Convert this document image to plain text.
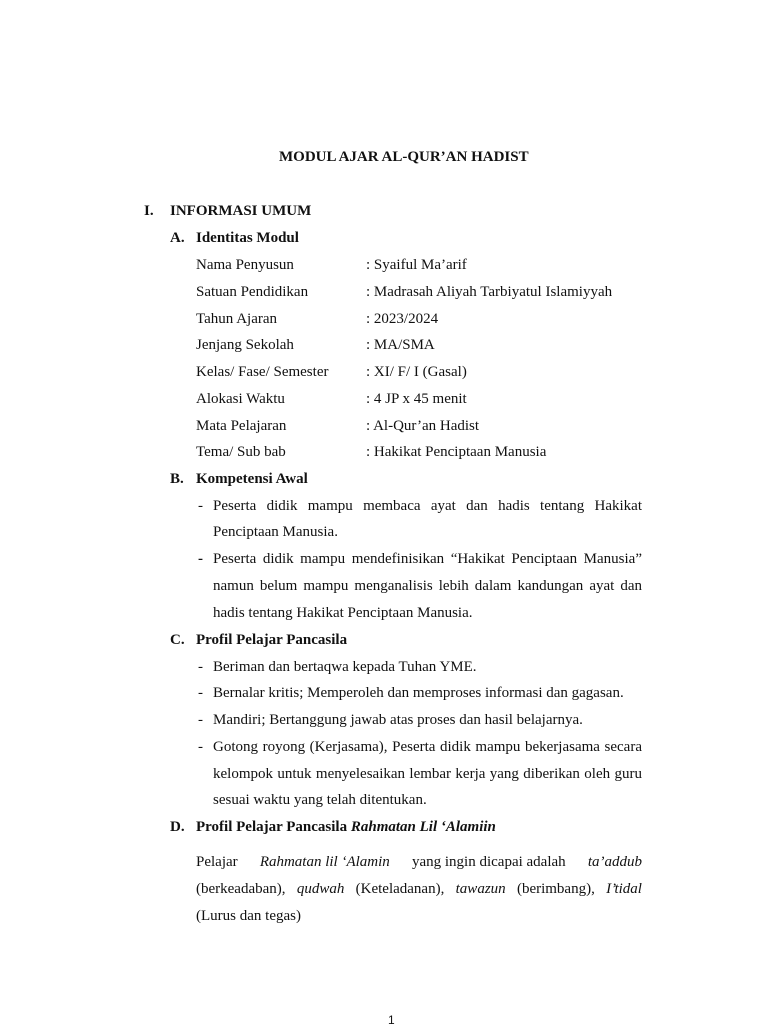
MODUL AJAR AL-QUR’AN HADIST
I. INFORMASI UMUM
A. Identitas Modul
Nama Penyusun	: Syaiful Ma’arif
Satuan Pendidikan	: Madrasah Aliyah Tarbiyatul Islamiyyah
Tahun Ajaran	: 2023/2024
Jenjang Sekolah	: MA/SMA
Kelas/ Fase/ Semester	: XI/ F/ I (Gasal)
Alokasi Waktu	: 4 JP x 45 menit
Mata Pelajaran	: Al-Qur’an Hadist
Tema/ Sub bab	: Hakikat Penciptaan Manusia
B. Kompetensi Awal
- Peserta didik mampu membaca ayat dan hadis tentang Hakikat
Penciptaan Manusia.
- Peserta didik mampu mendefinisikan “Hakikat Penciptaan Manusia”
namun belum mampu menganalisis lebih dalam kandungan ayat dan
hadis tentang Hakikat Penciptaan Manusia.
C. Profil Pelajar Pancasila
- Beriman dan bertaqwa kepada Tuhan YME.
- Bernalar kritis; Memperoleh dan memproses informasi dan gagasan.
- Mandiri; Bertanggung jawab atas proses dan hasil belajarnya.
- Gotong royong (Kerjasama), Peserta didik mampu bekerjasama secara
kelompok untuk menyelesaikan lembar kerja yang diberikan oleh guru
sesuai waktu yang telah ditentukan.
D. Profil Pelajar Pancasila Rahmatan Lil ‘Alamiin
Pelajar Rahmatan lil ‘Alamin yang ingin dicapai adalah ta’addub
(berkeadaban), qudwah (Keteladanan), tawazun (berimbang), I’tidal
(Lurus dan tegas)
1
